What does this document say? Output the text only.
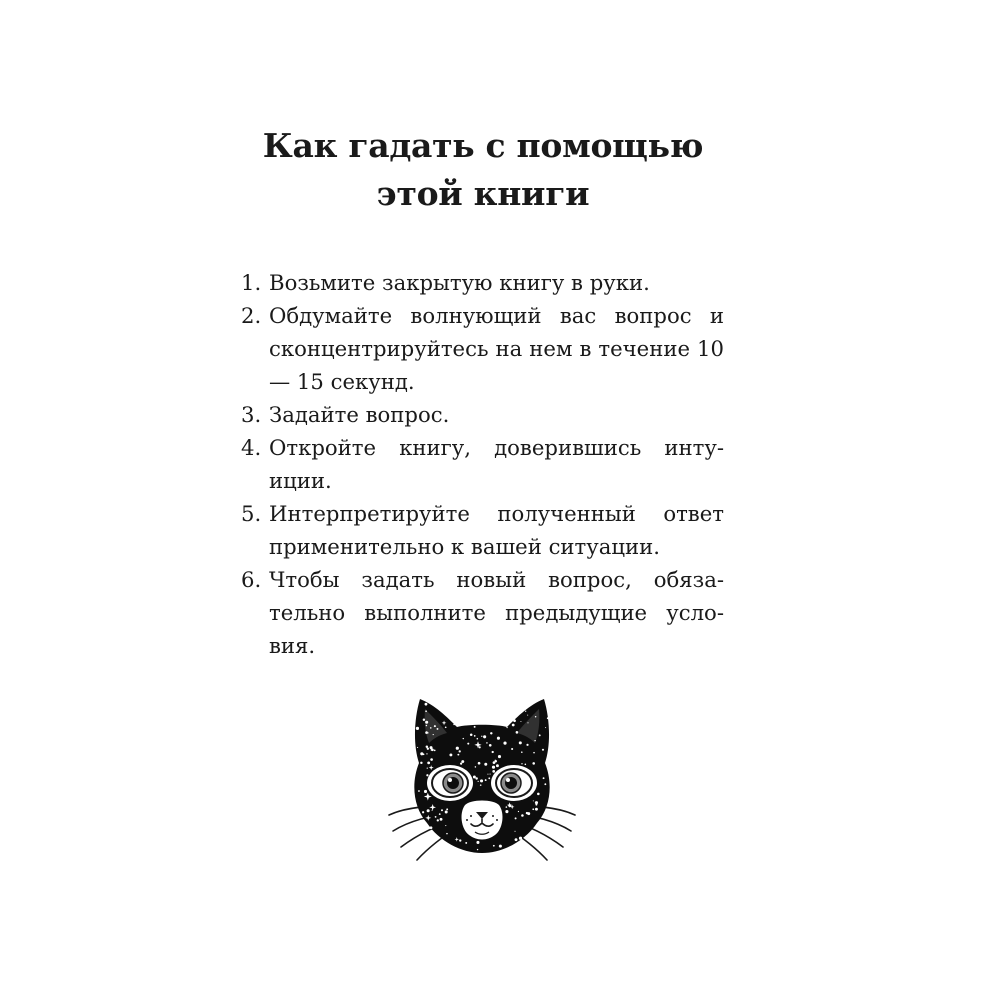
Как гадать с помощью
этой книги
1. Возьмите закрытую книгу в руки.
2. Обдумайте волнующий вас вопрос и сконцентрируйтесь на нем в течение 10 — 15 секунд.
3. Задайте вопрос.
4. Откройте книгу, доверившись интуиции.
5. Интерпретируйте полученный ответ применительно к вашей ситуации.
6. Чтобы задать новый вопрос, обязательно выполните предыдущие условия.
